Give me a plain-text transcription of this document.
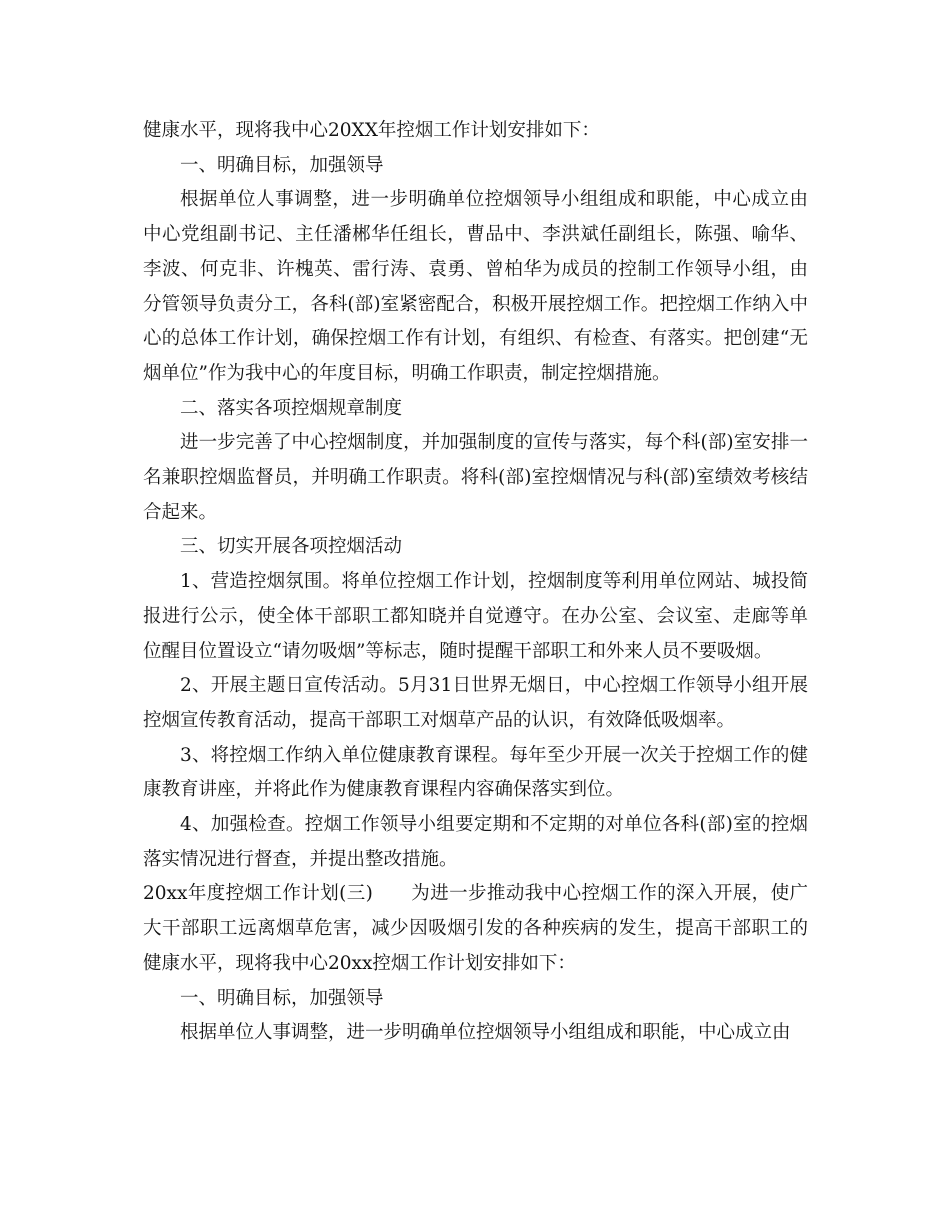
健康水平，现将我中心20XX年控烟工作计划安排如下：

一、明确目标，加强领导

根据单位人事调整，进一步明确单位控烟领导小组组成和职能，中心成立由中心党组副书记、主任潘郴华任组长，曹品中、李洪斌任副组长，陈强、喻华、李波、何克非、许槐英、雷行涛、袁勇、曾柏华为成员的控制工作领导小组，由分管领导负责分工，各科(部)室紧密配合，积极开展控烟工作。把控烟工作纳入中心的总体工作计划，确保控烟工作有计划，有组织、有检查、有落实。把创建“无烟单位”作为我中心的年度目标，明确工作职责，制定控烟措施。

二、落实各项控烟规章制度

进一步完善了中心控烟制度，并加强制度的宣传与落实，每个科(部)室安排一名兼职控烟监督员，并明确工作职责。将科(部)室控烟情况与科(部)室绩效考核结合起来。

三、切实开展各项控烟活动

1、营造控烟氛围。将单位控烟工作计划，控烟制度等利用单位网站、城投简报进行公示，使全体干部职工都知晓并自觉遵守。在办公室、会议室、走廊等单位醒目位置设立“请勿吸烟”等标志，随时提醒干部职工和外来人员不要吸烟。

2、开展主题日宣传活动。5月31日世界无烟日，中心控烟工作领导小组开展控烟宣传教育活动，提高干部职工对烟草产品的认识，有效降低吸烟率。

3、将控烟工作纳入单位健康教育课程。每年至少开展一次关于控烟工作的健康教育讲座，并将此作为健康教育课程内容确保落实到位。

4、加强检查。控烟工作领导小组要定期和不定期的对单位各科(部)室的控烟落实情况进行督查，并提出整改措施。

20xx年度控烟工作计划(三) 为进一步推动我中心控烟工作的深入开展，使广大干部职工远离烟草危害，减少因吸烟引发的各种疾病的发生，提高干部职工的健康水平，现将我中心20xx控烟工作计划安排如下：

一、明确目标，加强领导

根据单位人事调整，进一步明确单位控烟领导小组组成和职能，中心成立由
